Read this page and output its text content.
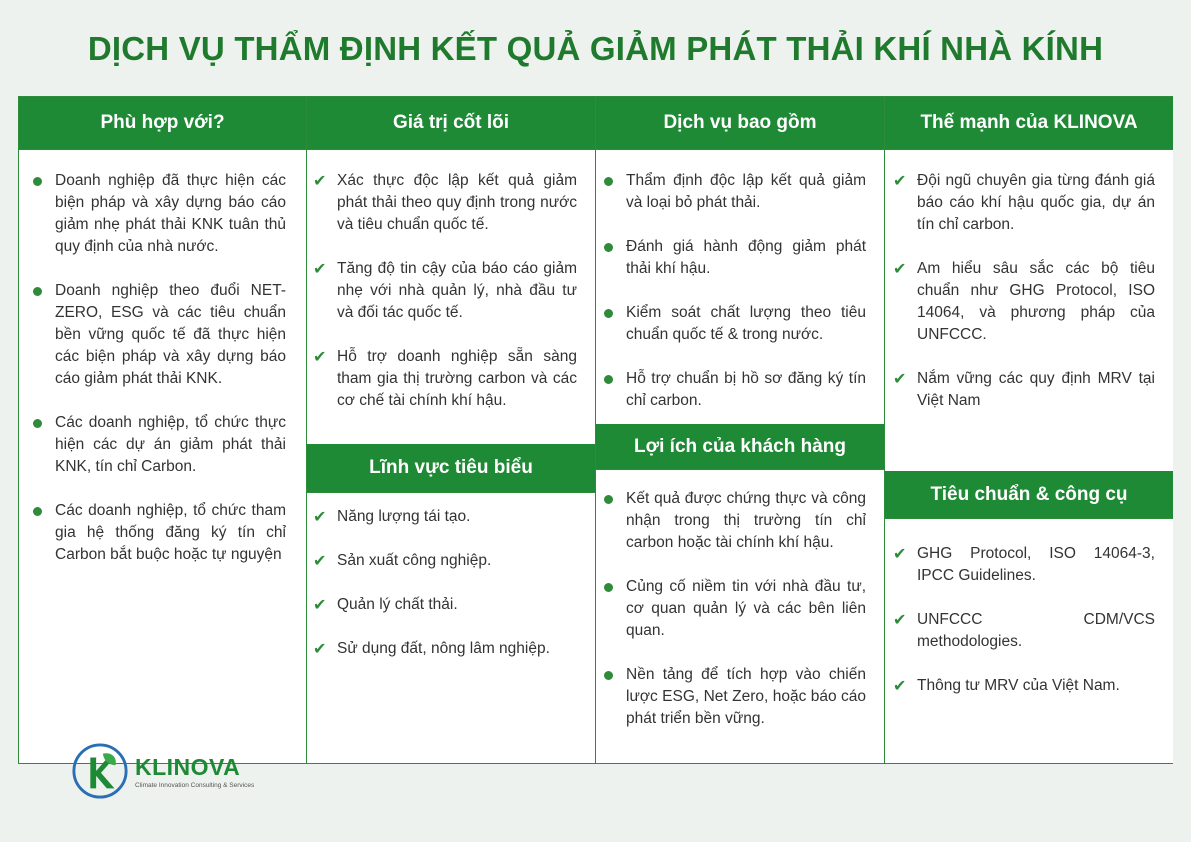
DỊCH VỤ THẨM ĐỊNH KẾT QUẢ GIẢM PHÁT THẢI KHÍ NHÀ KÍNH
Phù hợp với?
Doanh nghiệp đã thực hiện các biện pháp và xây dựng báo cáo giảm nhẹ phát thải KNK tuân thủ quy định của nhà nước.
Doanh nghiệp theo đuổi NET-ZERO, ESG và các tiêu chuẩn bền vững quốc tế đã thực hiện các biện pháp và xây dựng báo cáo giảm phát thải KNK.
Các doanh nghiệp, tổ chức thực hiện các dự án giảm phát thải KNK, tín chỉ Carbon.
Các doanh nghiệp, tổ chức tham gia hệ thống đăng ký tín chỉ Carbon bắt buộc hoặc tự nguyện
KLINOVA
Climate Innovation Consulting & Services
Giá trị cốt lõi
✔ Xác thực độc lập kết quả giảm phát thải theo quy định trong nước và tiêu chuẩn quốc tế.
✔ Tăng độ tin cậy của báo cáo giảm nhẹ với nhà quản lý, nhà đầu tư và đối tác quốc tế.
✔ Hỗ trợ doanh nghiệp sẵn sàng tham gia thị trường carbon và các cơ chế tài chính khí hậu.
Lĩnh vực tiêu biểu
✔ Năng lượng tái tạo.
✔ Sản xuất công nghiệp.
✔ Quản lý chất thải.
✔ Sử dụng đất, nông lâm nghiệp.
Dịch vụ bao gồm
Thẩm định độc lập kết quả giảm và loại bỏ phát thải.
Đánh giá hành động giảm phát thải khí hậu.
Kiểm soát chất lượng theo tiêu chuẩn quốc tế & trong nước.
Hỗ trợ chuẩn bị hồ sơ đăng ký tín chỉ carbon.
Lợi ích của khách hàng
Kết quả được chứng thực và công nhận trong thị trường tín chỉ carbon hoặc tài chính khí hậu.
Củng cố niềm tin với nhà đầu tư, cơ quan quản lý và các bên liên quan.
Nền tảng để tích hợp vào chiến lược ESG, Net Zero, hoặc báo cáo phát triển bền vững.
Thế mạnh của KLINOVA
✔ Đội ngũ chuyên gia từng đánh giá báo cáo khí hậu quốc gia, dự án tín chỉ carbon.
✔ Am hiểu sâu sắc các bộ tiêu chuẩn như GHG Protocol, ISO 14064, và phương pháp của UNFCCC.
✔ Nắm vững các quy định MRV tại Việt Nam
Tiêu chuẩn & công cụ
✔ GHG Protocol, ISO 14064-3, IPCC Guidelines.
✔ UNFCCC CDM/VCS methodologies.
✔ Thông tư MRV của Việt Nam.
